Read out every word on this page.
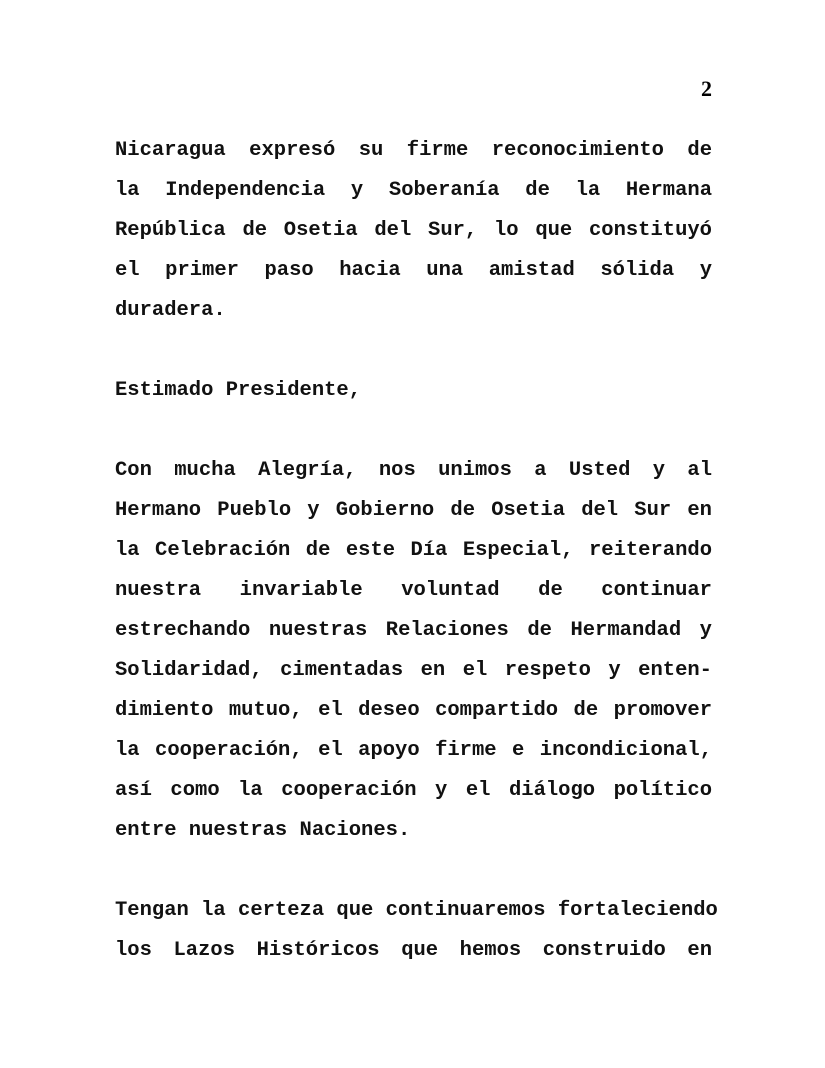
2
Nicaragua expresó su firme reconocimiento de
la Independencia y Soberanía de la Hermana
República de Osetia del Sur, lo que constituyó
el primer paso hacia una amistad sólida y
duradera.
Estimado Presidente,
Con mucha Alegría, nos unimos a Usted y al
Hermano Pueblo y Gobierno de Osetia del Sur en
la Celebración de este Día Especial, reiterando
nuestra invariable voluntad de continuar
estrechando nuestras Relaciones de Hermandad y
Solidaridad, cimentadas en el respeto y enten-
dimiento mutuo, el deseo compartido de promover
la cooperación, el apoyo firme e incondicional,
así como la cooperación y el diálogo político
entre nuestras Naciones.
Tengan la certeza que continuaremos fortaleciendo
los Lazos Históricos que hemos construido en
